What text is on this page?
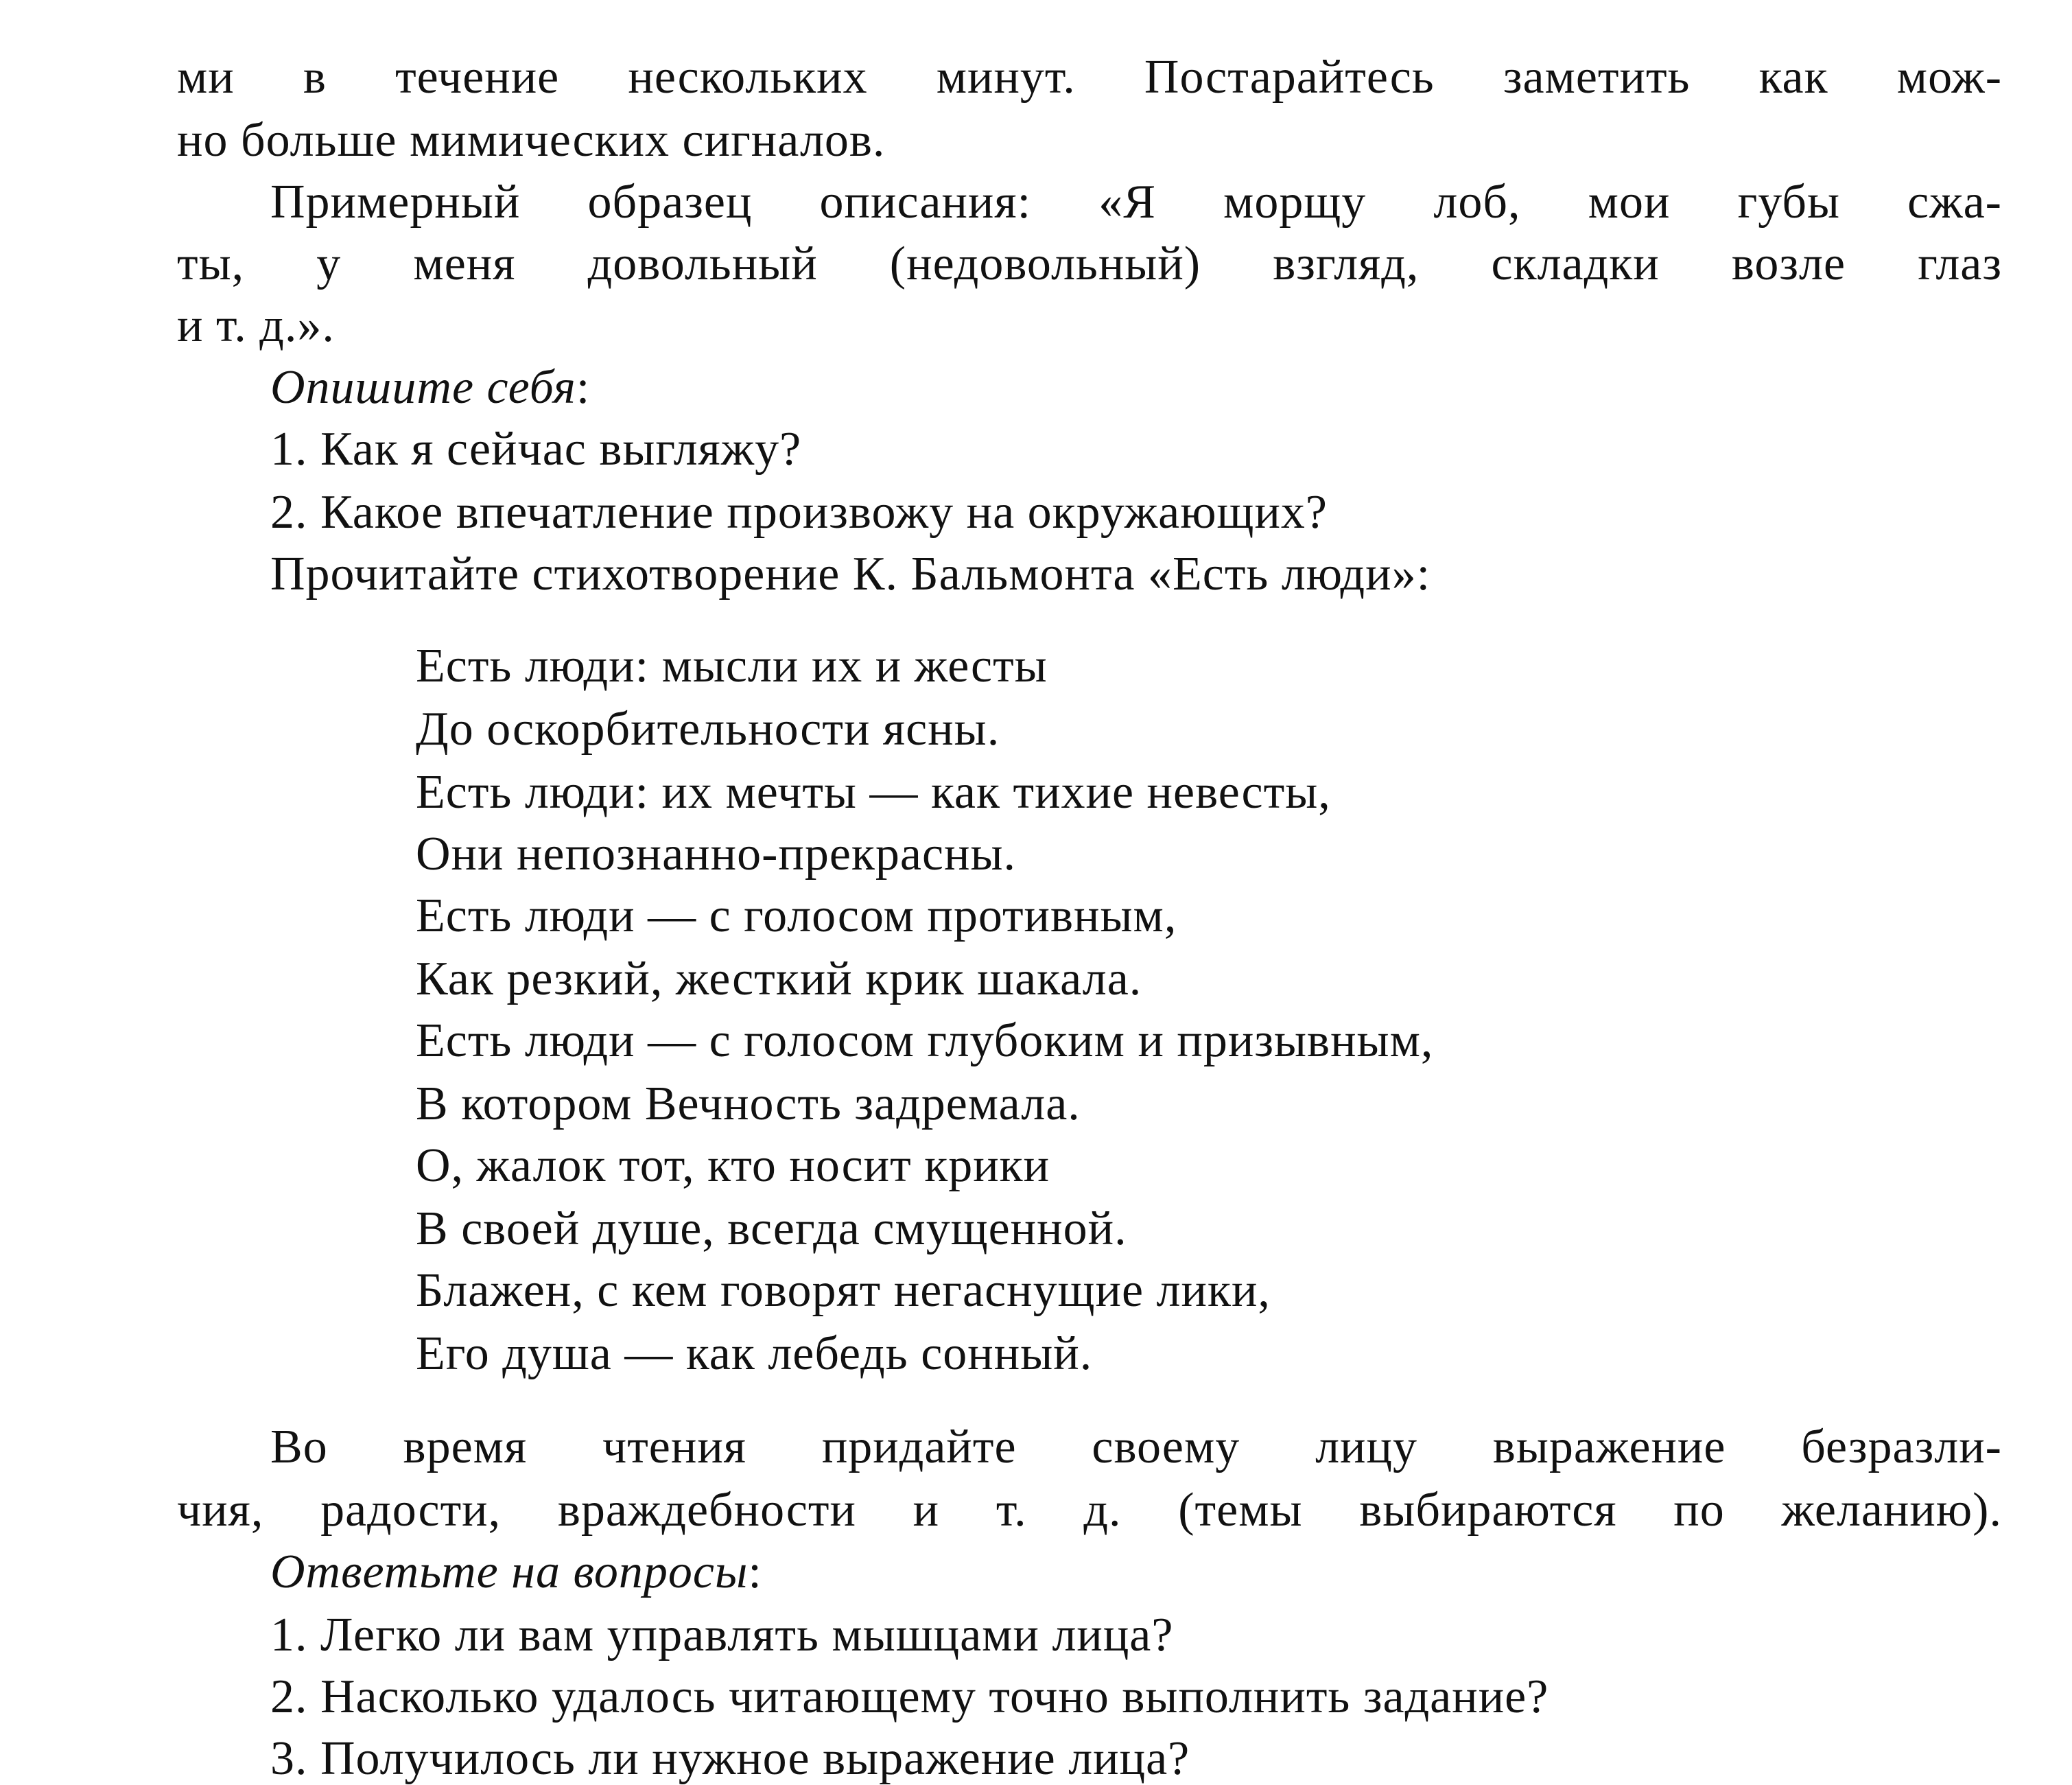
ми в течение нескольких минут. Постарайтесь заметить как мож-
но больше мимических сигналов.
Примерный образец описания: «Я морщу лоб, мои губы сжа-
ты, у меня довольный (недовольный) взгляд, складки возле глаз
и т. д.».
Опишите себя:
1. Как я сейчас выгляжу?
2. Какое впечатление произвожу на окружающих?
Прочитайте стихотворение К. Бальмонта «Есть люди»:
Есть люди: мысли их и жесты
До оскорбительности ясны.
Есть люди: их мечты — как тихие невесты,
Они непознанно-прекрасны.
Есть люди — с голосом противным,
Как резкий, жесткий крик шакала.
Есть люди — с голосом глубоким и призывным,
В котором Вечность задремала.
О, жалок тот, кто носит крики
В своей душе, всегда смущенной.
Блажен, с кем говорят негаснущие лики,
Его душа — как лебедь сонный.
Во время чтения придайте своему лицу выражение безразли-
чия, радости, враждебности и т. д. (темы выбираются по желанию).
Ответьте на вопросы:
1. Легко ли вам управлять мышцами лица?
2. Насколько удалось читающему точно выполнить задание?
3. Получилось ли нужное выражение лица?
